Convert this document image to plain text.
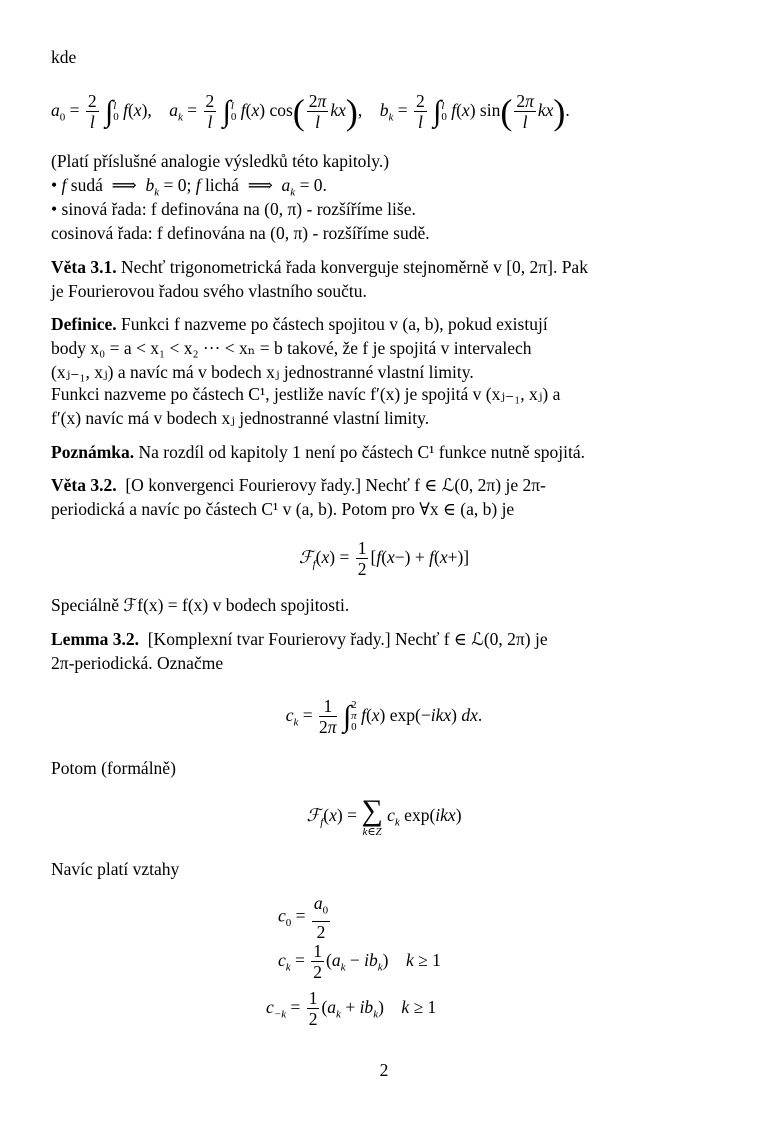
kde
$a_0 = \frac{2}{l}$ ∫ l
0 f(x),    $a_k = \frac{2}{l}$ ∫ l
0 f(x) $\cos( \frac{2\pi}{l} kx)$,    $b_k = \frac{2}{l}$ ∫ l
0 f(x) $\sin( \frac{2\pi}{l} kx)$.
(Platí příslušné analogie výsledků této kapitoly.)
• f sudá  ⟹  $b_k = 0$; f lichá  ⟹  $a_k = 0$.
• sinová řada: f definována na (0, π) - rozšíříme liše.
cosinová řada: f definována na (0, π) - rozšíříme sudě.
Věta 3.1. Nechť trigonometrická řada konverguje stejnoměrně v [0, 2π]. Pak
je Fourierovou řadou svého vlastního součtu.
Definice. Funkci f nazveme po částech spojitou v (a, b), pokud existují
body x₀ = a < x₁ < x₂ ··· < xₙ = b takové, že f je spojitá v intervalech
(xⱼ₋₁, xⱼ) a navíc má v bodech xⱼ jednostranné vlastní limity.
Funkci nazveme po částech C¹, jestliže navíc f′(x) je spojitá v (xⱼ₋₁, xⱼ) a
f′(x) navíc má v bodech xⱼ jednostranné vlastní limity.
Poznámka. Na rozdíl od kapitoly 1 není po částech C¹ funkce nutně spojitá.
Věta 3.2. [O konvergenci Fourierovy řady.] Nechť f ∈ ℒ(0, 2π) je 2π-
periodická a navíc po částech C¹ v (a, b). Potom pro ∀x ∈ (a, b) je
ℱ$_f$(x) = $\frac{1}{2} [f(x-) + f(x+)]$
Speciálně ℱf(x) = f(x) v bodech spojitosti.
Lemma 3.2. [Komplexní tvar Fourierovy řady.] Nechť f ∈ ℒ(0, 2π) je
2π-periodická. Označme
$c_k = \frac{1}{2\pi}$ ∫ 2
π
0
f(x) exp(−ikx) dx.
Potom (formálně)
ℱ$_f$(x) = ∑
k∈Z
$c_k$ exp(ikx)
Navíc platí vztahy
$c_0 = \frac{a_0}{2}$
$c_k = \frac{1}{2} (a_k - ib_k)$    k ≥ 1
$c_{-k} = \frac{1}{2} (a_k + ib_k)$    k ≥ 1
2
